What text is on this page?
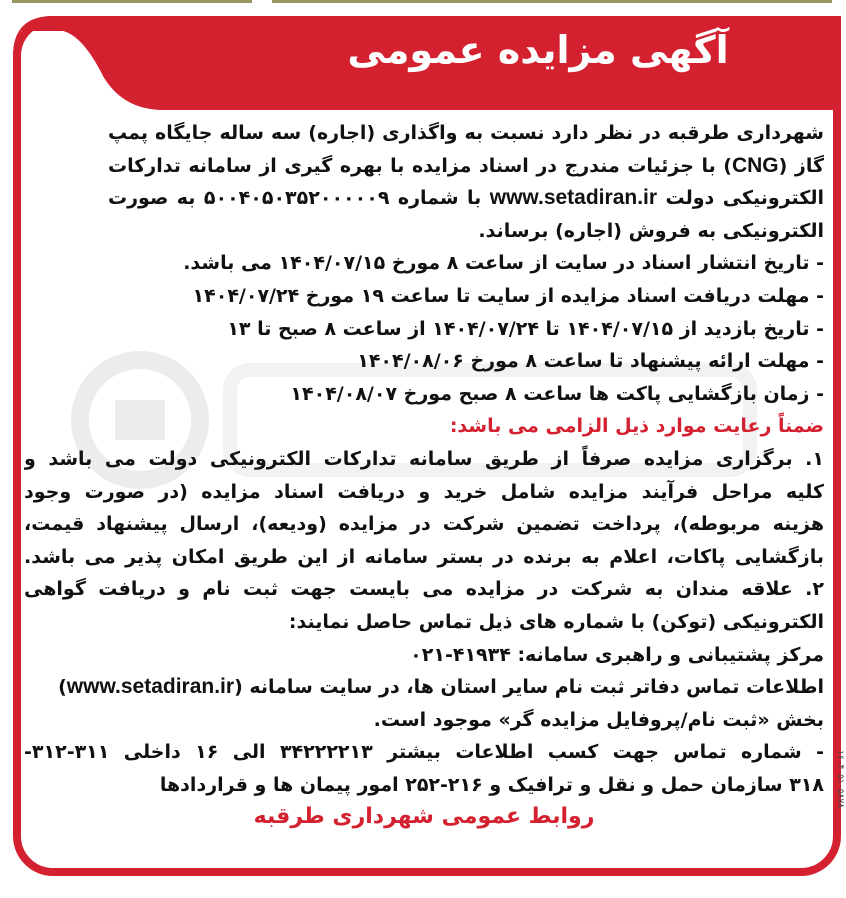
آگهی مزایده عمومی
شهرداری طرقبه در نظر دارد نسبت به واگذاری (اجاره) سه ساله جایگاه پمپ
گاز (CNG) با جزئیات مندرج در اسناد مزایده با بهره گیری از سامانه تدارکات
الکترونیکی دولت www.setadiran.ir با شماره ۵۰۰۴۰۵۰۳۵۲۰۰۰۰۰۹ به صورت
الکترونیکی به فروش (اجاره) برساند.
- تاریخ انتشار اسناد در سایت از ساعت ۸ مورخ ۱۴۰۴/۰۷/۱۵ می باشد.
- مهلت دریافت اسناد مزایده از سایت تا ساعت ۱۹ مورخ ۱۴۰۴/۰۷/۲۴
- تاریخ بازدید از ۱۴۰۴/۰۷/۱۵ تا ۱۴۰۴/۰۷/۲۴ از ساعت ۸ صبح تا ۱۳
- مهلت ارائه پیشنهاد تا ساعت ۸ مورخ ۱۴۰۴/۰۸/۰۶
- زمان بازگشایی پاکت ها ساعت ۸ صبح مورخ ۱۴۰۴/۰۸/۰۷
ضمناً رعایت موارد ذیل الزامی می باشد:
۱. برگزاری مزایده صرفاً از طریق سامانه تدارکات الکترونیکی دولت می باشد و
کلیه مراحل فرآیند مزایده شامل خرید و دریافت اسناد مزایده (در صورت وجود
هزینه مربوطه)، پرداخت تضمین شرکت در مزایده (ودیعه)، ارسال پیشنهاد قیمت،
بازگشایی پاکات، اعلام به برنده در بستر سامانه از این طریق امکان پذیر می باشد.
۲. علاقه مندان به شرکت در مزایده می بایست جهت ثبت نام و دریافت گواهی
الکترونیکی (توکن) با شماره های ذیل تماس حاصل نمایند:
مرکز پشتیبانی و راهبری سامانه: ۴۱۹۳۴-۰۲۱
اطلاعات تماس دفاتر ثبت نام سایر استان ها، در سایت سامانه (www.setadiran.ir)
بخش «ثبت نام/پروفایل مزایده گر» موجود است.
- شماره تماس جهت کسب اطلاعات بیشتر ۳۴۲۲۲۲۱۳ الی ۱۶ داخلی ۳۱۱-۳۱۲-
۳۱۸ سازمان حمل و نقل و ترافیک و ۲۱۶-۲۵۲ امور پیمان ها و قراردادها
روابط عمومی شهرداری طرقبه
۱۶۰۴۰۵۱۰۵۸۷۸
